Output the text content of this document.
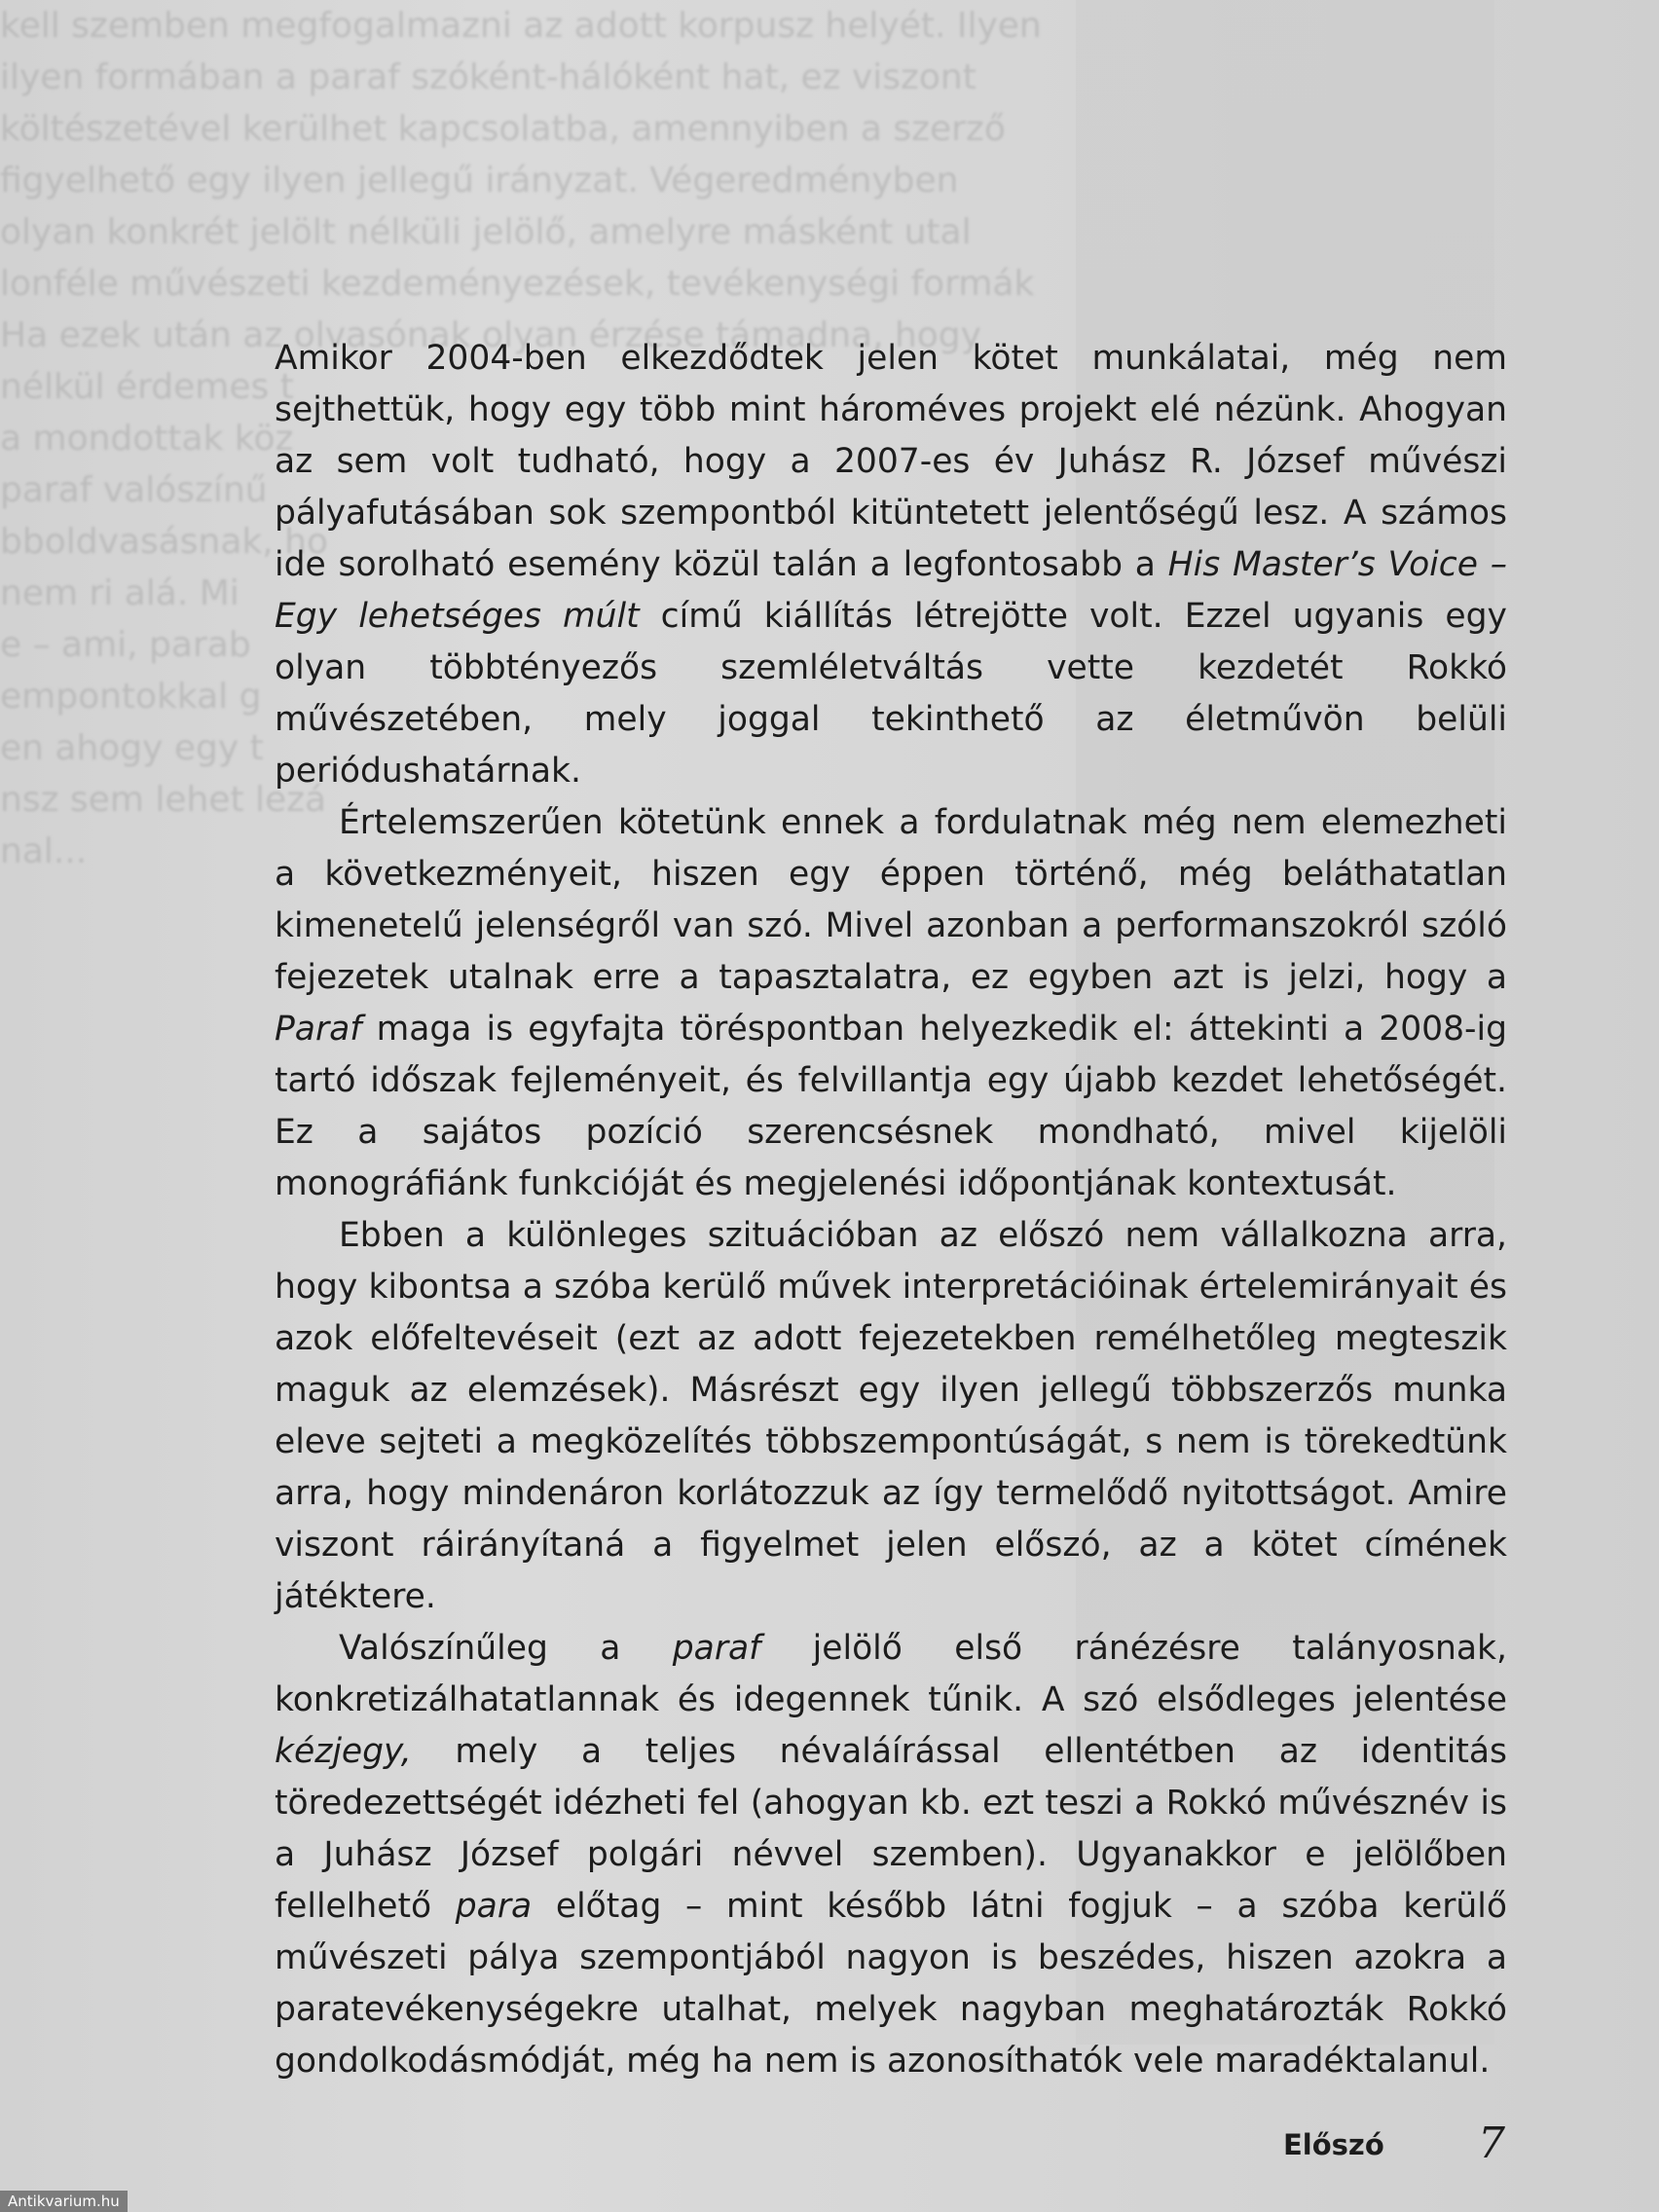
kell szemben megfogalmazni az adott korpusz helyét. Ilyen
ilyen formában a paraf szóként-hálóként hat, ez viszont
költészetével kerülhet kapcsolatba, amennyiben a szerző
figyelhető egy ilyen jellegű irányzat. Végeredményben
olyan konkrét jelölt nélküli jelölő, amelyre másként utal
lonféle művészeti kezdeményezések, tevékenységi formák
Ha ezek után az olvasónak olyan érzése támadna, hogy
nélkül érdemes t
a mondottak köz
paraf valószínű
bboldvasásnak, ho
nem ri alá. Mi
e – ami, parab
empontokkal g
en ahogy egy t
nsz sem lehet lezá
nal...

Amikor 2004-ben elkezdődtek jelen kötet munkálatai, még nem sejthettük, hogy egy több mint hároméves projekt elé nézünk. Ahogyan az sem volt tudható, hogy a 2007-es év Juhász R. József művészi pályafutásában sok szempontból kitüntetett jelentőségű lesz. A számos ide sorolható esemény közül talán a legfontosabb a His Master’s Voice – Egy lehetséges múlt című kiállítás létrejötte volt. Ezzel ugyanis egy olyan többtényezős szemléletváltás vette kezdetét Rokkó művészetében, mely joggal tekinthető az életművön belüli periódushatárnak.

Értelemszerűen kötetünk ennek a fordulatnak még nem elemezheti a következményeit, hiszen egy éppen történő, még beláthatatlan kimenetelű jelenségről van szó. Mivel azonban a performanszokról szóló fejezetek utalnak erre a tapasztalatra, ez egyben azt is jelzi, hogy a Paraf maga is egyfajta töréspontban helyezkedik el: áttekinti a 2008-ig tartó időszak fejleményeit, és felvillantja egy újabb kezdet lehetőségét. Ez a sajátos pozíció szerencsésnek mondható, mivel kijelöli monográfiánk funkcióját és megjelenési időpontjának kontextusát.

Ebben a különleges szituációban az előszó nem vállalkozna arra, hogy kibontsa a szóba kerülő művek interpretációinak értelemirányait és azok előfeltevéseit (ezt az adott fejezetekben remélhetőleg megteszik maguk az elemzések). Másrészt egy ilyen jellegű többszerzős munka eleve sejteti a megközelítés többszempontúságát, s nem is törekedtünk arra, hogy mindenáron korlátozzuk az így termelődő nyitottságot. Amire viszont ráirányítaná a figyelmet jelen előszó, az a kötet címének játéktere.

Valószínűleg a paraf jelölő első ránézésre talányosnak, konkretizálhatatlannak és idegennek tűnik. A szó elsődleges jelentése kézjegy, mely a teljes névaláírással ellentétben az identitás töredezettségét idézheti fel (ahogyan kb. ezt teszi a Rokkó művésznév is a Juhász József polgári névvel szemben). Ugyanakkor e jelölőben fellelhető para előtag – mint később látni fogjuk – a szóba kerülő művészeti pálya szempontjából nagyon is beszédes, hiszen azokra a paratevékenységekre utalhat, melyek nagyban meghatározták Rokkó gondolkodásmódját, még ha nem is azonosíthatók vele maradéktalanul.

Előszó 7
Antikvarium.hu
